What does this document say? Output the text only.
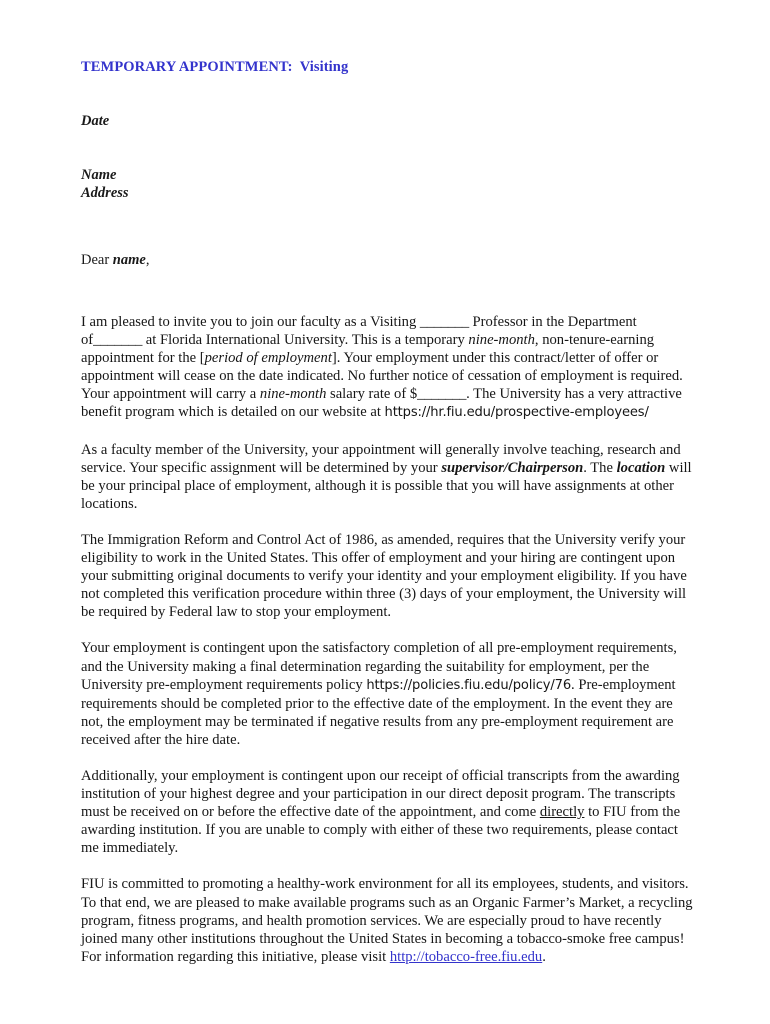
TEMPORARY APPOINTMENT:  Visiting
Date
Name
Address
Dear name,

I am pleased to invite you to join our faculty as a Visiting _______ Professor in the Department of_______ at Florida International University. This is a temporary nine-month, non-tenure-earning appointment for the [period of employment]. Your employment under this contract/letter of offer or appointment will cease on the date indicated. No further notice of cessation of employment is required. Your appointment will carry a nine-month salary rate of $_______. The University has a very attractive benefit program which is detailed on our website at https://hr.fiu.edu/prospective-employees/

As a faculty member of the University, your appointment will generally involve teaching, research and service. Your specific assignment will be determined by your supervisor/Chairperson. The location will be your principal place of employment, although it is possible that you will have assignments at other locations.

The Immigration Reform and Control Act of 1986, as amended, requires that the University verify your eligibility to work in the United States. This offer of employment and your hiring are contingent upon your submitting original documents to verify your identity and your employment eligibility. If you have not completed this verification procedure within three (3) days of your employment, the University will be required by Federal law to stop your employment.

Your employment is contingent upon the satisfactory completion of all pre-employment requirements, and the University making a final determination regarding the suitability for employment, per the University pre-employment requirements policy https://policies.fiu.edu/policy/76. Pre-employment requirements should be completed prior to the effective date of the employment. In the event they are not, the employment may be terminated if negative results from any pre-employment requirement are received after the hire date.

Additionally, your employment is contingent upon our receipt of official transcripts from the awarding institution of your highest degree and your participation in our direct deposit program. The transcripts must be received on or before the effective date of the appointment, and come directly to FIU from the awarding institution. If you are unable to comply with either of these two requirements, please contact me immediately.

FIU is committed to promoting a healthy-work environment for all its employees, students, and visitors. To that end, we are pleased to make available programs such as an Organic Farmer’s Market, a recycling program, fitness programs, and health promotion services. We are especially proud to have recently joined many other institutions throughout the United States in becoming a tobacco-smoke free campus! For information regarding this initiative, please visit http://tobacco-free.fiu.edu.
